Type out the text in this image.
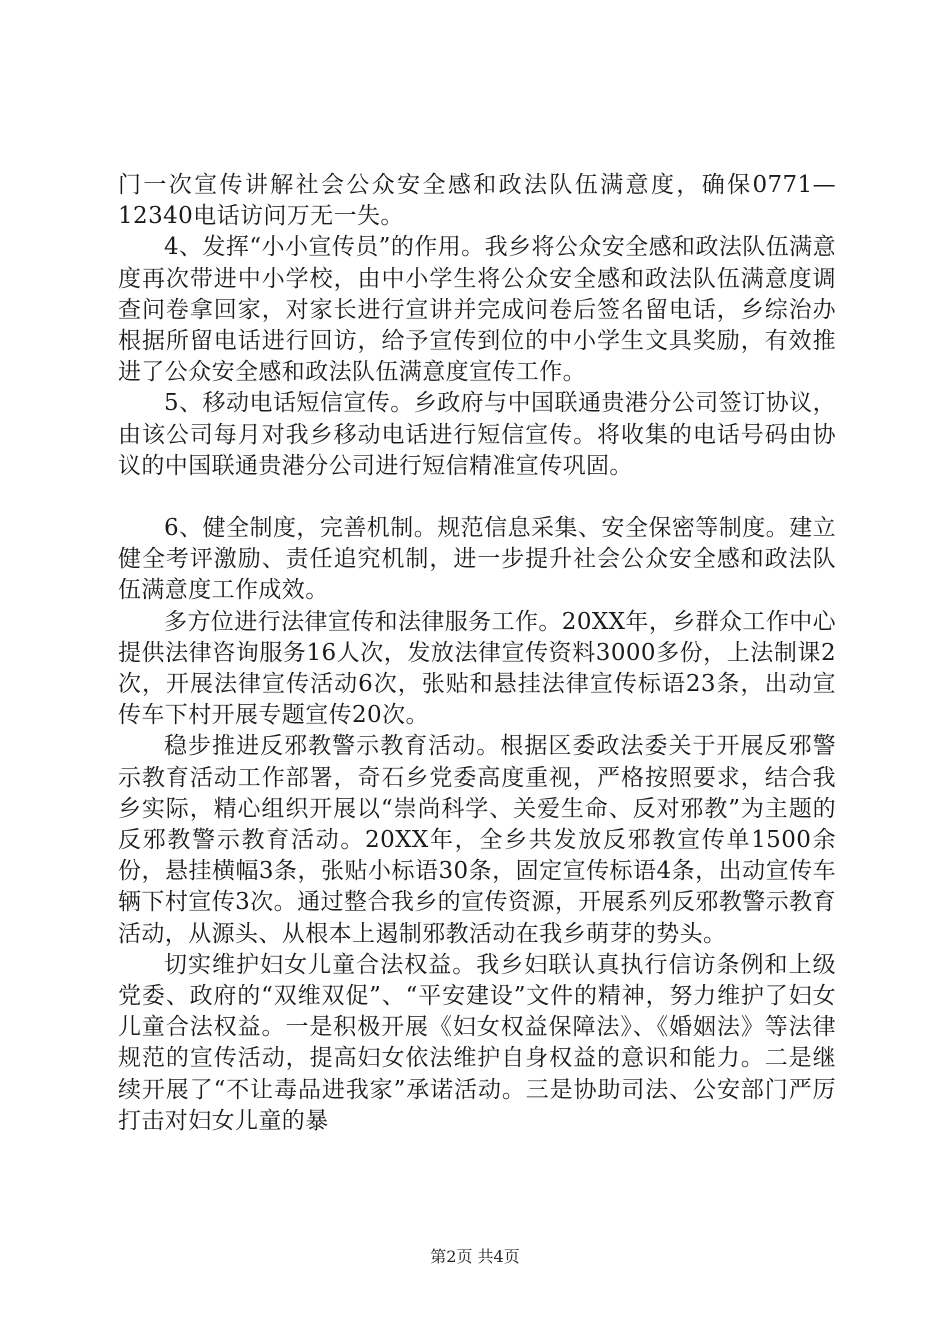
门一次宣传讲解社会公众安全感和政法队伍满意度，确保0771—12340电话访问万无一失。

4、发挥“小小宣传员”的作用。我乡将公众安全感和政法队伍满意度再次带进中小学校，由中小学生将公众安全感和政法队伍满意度调查问卷拿回家，对家长进行宣讲并完成问卷后签名留电话，乡综治办根据所留电话进行回访，给予宣传到位的中小学生文具奖励，有效推进了公众安全感和政法队伍满意度宣传工作。

5、移动电话短信宣传。乡政府与中国联通贵港分公司签订协议，由该公司每月对我乡移动电话进行短信宣传。将收集的电话号码由协议的中国联通贵港分公司进行短信精准宣传巩固。

6、健全制度，完善机制。规范信息采集、安全保密等制度。建立健全考评激励、责任追究机制，进一步提升社会公众安全感和政法队伍满意度工作成效。

多方位进行法律宣传和法律服务工作。20XX年，乡群众工作中心提供法律咨询服务16人次，发放法律宣传资料3000多份，上法制课2次，开展法律宣传活动6次，张贴和悬挂法律宣传标语23条，出动宣传车下村开展专题宣传20次。

稳步推进反邪教警示教育活动。根据区委政法委关于开展反邪警示教育活动工作部署，奇石乡党委高度重视，严格按照要求，结合我乡实际，精心组织开展以“崇尚科学、关爱生命、反对邪教”为主题的反邪教警示教育活动。20XX年，全乡共发放反邪教宣传单1500余份，悬挂横幅3条，张贴小标语30条，固定宣传标语4条，出动宣传车辆下村宣传3次。通过整合我乡的宣传资源，开展系列反邪教警示教育活动，从源头、从根本上遏制邪教活动在我乡萌芽的势头。

切实维护妇女儿童合法权益。我乡妇联认真执行信访条例和上级党委、政府的“双维双促”、“平安建设”文件的精神，努力维护了妇女儿童合法权益。一是积极开展《妇女权益保障法》、《婚姻法》等法律规范的宣传活动，提高妇女依法维护自身权益的意识和能力。二是继续开展了“不让毒品进我家”承诺活动。三是协助司法、公安部门严厉打击对妇女儿童的暴

第2页 共4页
